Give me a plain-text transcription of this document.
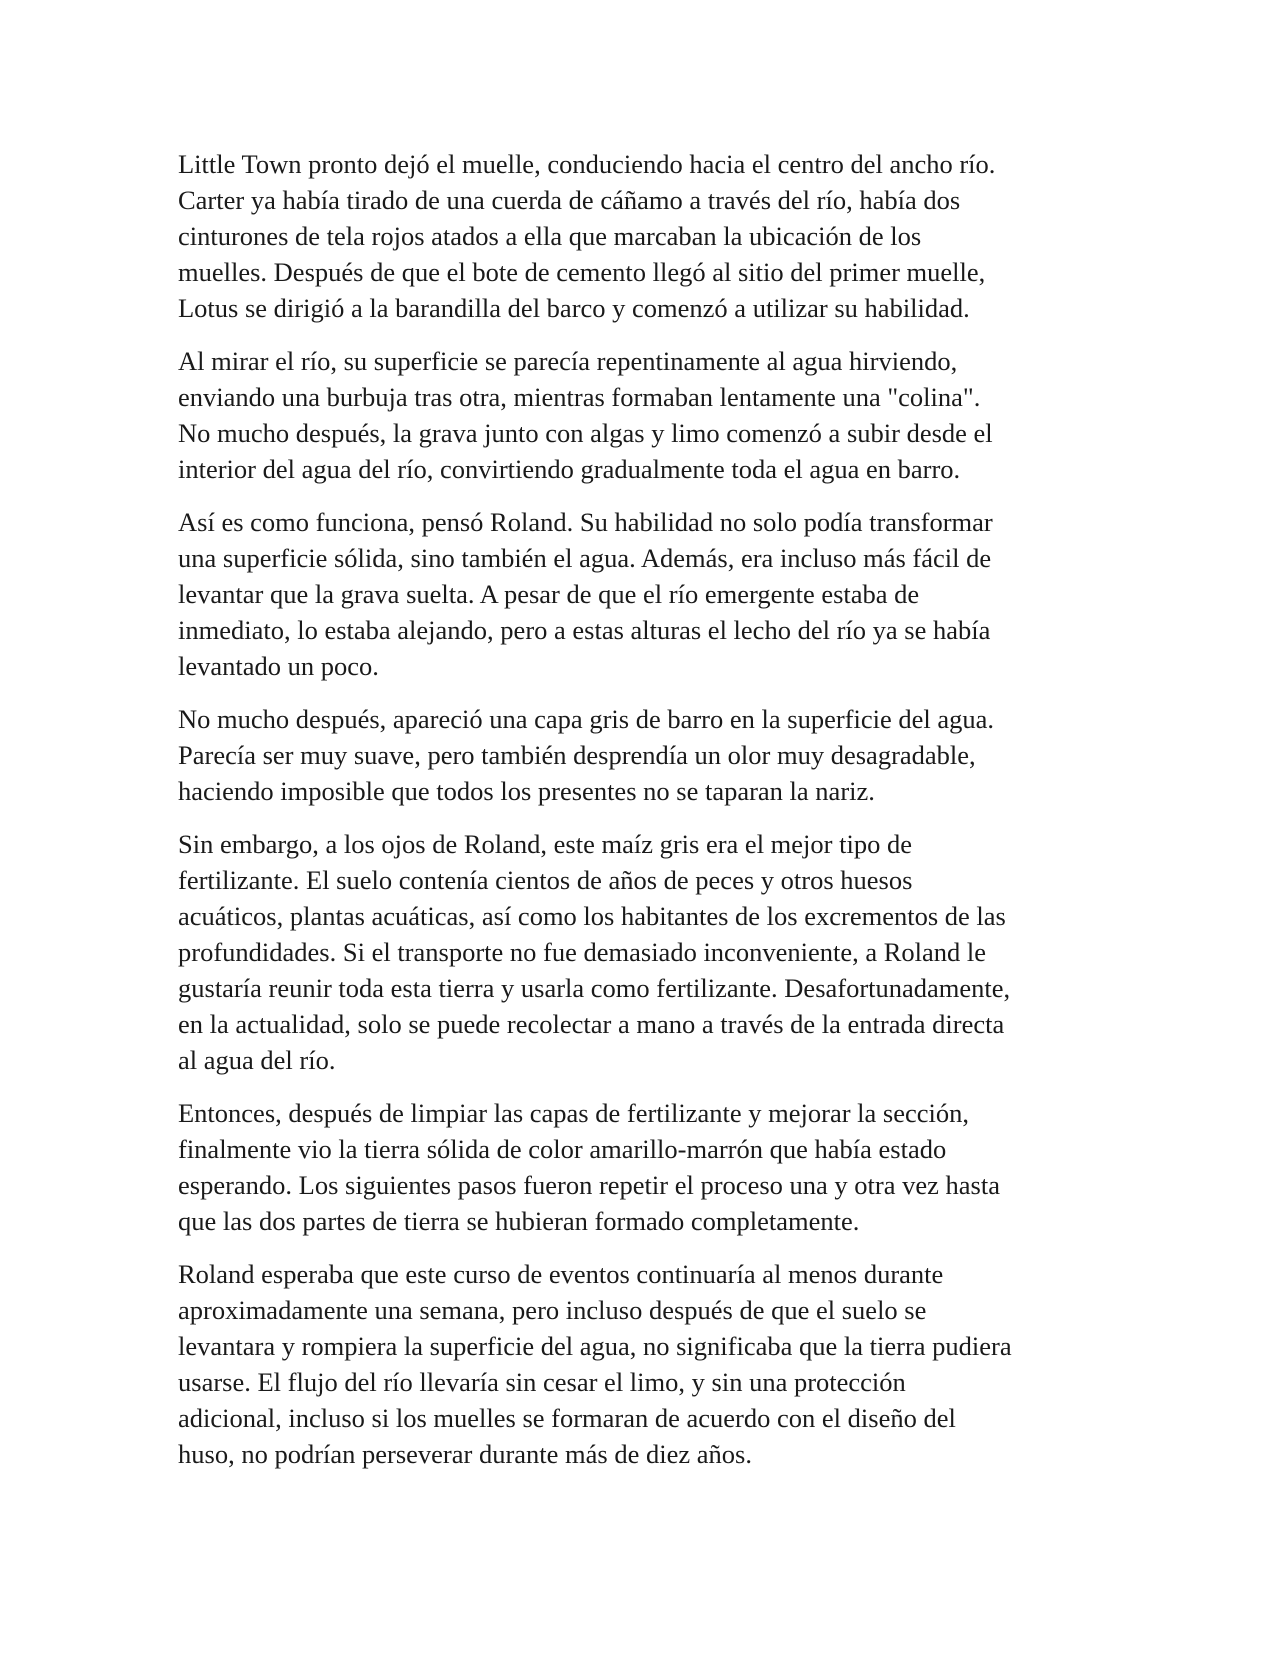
Little Town pronto dejó el muelle, conduciendo hacia el centro del ancho río.
Carter ya había tirado de una cuerda de cáñamo a través del río, había dos
cinturones de tela rojos atados a ella que marcaban la ubicación de los
muelles. Después de que el bote de cemento llegó al sitio del primer muelle,
Lotus se dirigió a la barandilla del barco y comenzó a utilizar su habilidad.

Al mirar el río, su superficie se parecía repentinamente al agua hirviendo,
enviando una burbuja tras otra, mientras formaban lentamente una "colina".
No mucho después, la grava junto con algas y limo comenzó a subir desde el
interior del agua del río, convirtiendo gradualmente toda el agua en barro.

Así es como funciona, pensó Roland. Su habilidad no solo podía transformar
una superficie sólida, sino también el agua. Además, era incluso más fácil de
levantar que la grava suelta. A pesar de que el río emergente estaba de
inmediato, lo estaba alejando, pero a estas alturas el lecho del río ya se había
levantado un poco.

No mucho después, apareció una capa gris de barro en la superficie del agua.
Parecía ser muy suave, pero también desprendía un olor muy desagradable,
haciendo imposible que todos los presentes no se taparan la nariz.

Sin embargo, a los ojos de Roland, este maíz gris era el mejor tipo de
fertilizante. El suelo contenía cientos de años de peces y otros huesos
acuáticos, plantas acuáticas, así como los habitantes de los excrementos de las
profundidades. Si el transporte no fue demasiado inconveniente, a Roland le
gustaría reunir toda esta tierra y usarla como fertilizante. Desafortunadamente,
en la actualidad, solo se puede recolectar a mano a través de la entrada directa
al agua del río.

Entonces, después de limpiar las capas de fertilizante y mejorar la sección,
finalmente vio la tierra sólida de color amarillo-marrón que había estado
esperando. Los siguientes pasos fueron repetir el proceso una y otra vez hasta
que las dos partes de tierra se hubieran formado completamente.

Roland esperaba que este curso de eventos continuaría al menos durante
aproximadamente una semana, pero incluso después de que el suelo se
levantara y rompiera la superficie del agua, no significaba que la tierra pudiera
usarse. El flujo del río llevaría sin cesar el limo, y sin una protección
adicional, incluso si los muelles se formaran de acuerdo con el diseño del
huso, no podrían perseverar durante más de diez años.
